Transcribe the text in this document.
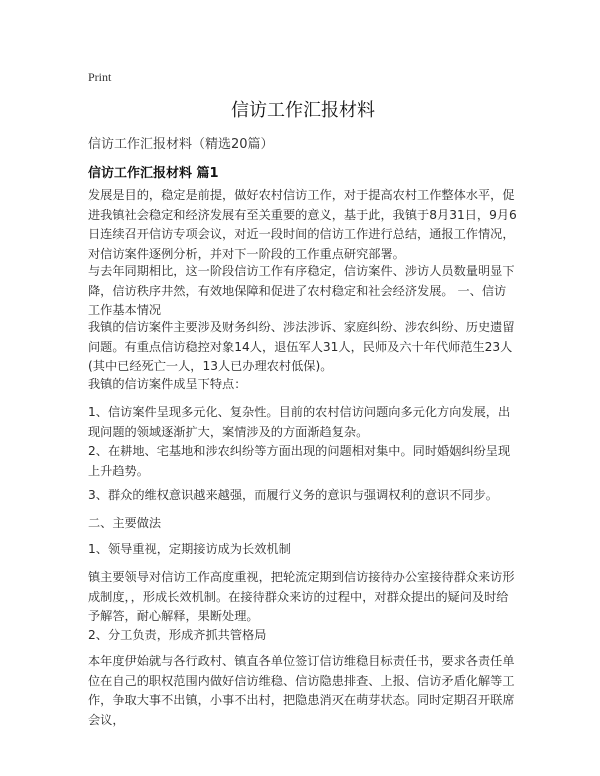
Print
信访工作汇报材料
信访工作汇报材料（精选20篇）
信访工作汇报材料 篇1
发展是目的，稳定是前提，做好农村信访工作，对于提高农村工作整体水平，促进我镇社会稳定和经济发展有至关重要的意义，基于此，我镇于8月31日，9月6日连续召开信访专项会议，对近一段时间的信访工作进行总结，通报工作情况，对信访案件逐例分析，并对下一阶段的工作重点研究部署。
与去年同期相比，这一阶段信访工作有序稳定，信访案件、涉访人员数量明显下降，信访秩序井然，有效地保障和促进了农村稳定和社会经济发展。 一、信访工作基本情况
我镇的信访案件主要涉及财务纠纷、涉法涉诉、家庭纠纷、涉农纠纷、历史遗留问题。有重点信访稳控对象14人，退伍军人31人，民师及六十年代师范生23人(其中已经死亡一人，13人已办理农村低保)。
我镇的信访案件成呈下特点：
1、信访案件呈现多元化、复杂性。目前的农村信访问题向多元化方向发展，出现问题的领域逐渐扩大，案情涉及的方面渐趋复杂。
2、在耕地、宅基地和涉农纠纷等方面出现的问题相对集中。同时婚姻纠纷呈现上升趋势。
3、群众的维权意识越来越强，而履行义务的意识与强调权利的意识不同步。
二、主要做法
1、领导重视，定期接访成为长效机制
镇主要领导对信访工作高度重视，把轮流定期到信访接待办公室接待群众来访形成制度，，形成长效机制。在接待群众来访的过程中，对群众提出的疑问及时给予解答，耐心解释，果断处理。
2、分工负责，形成齐抓共管格局
本年度伊始就与各行政村、镇直各单位签订信访维稳目标责任书，要求各责任单位在自己的职权范围内做好信访维稳、信访隐患排查、上报、信访矛盾化解等工作，争取大事不出镇，小事不出村，把隐患消灭在萌芽状态。同时定期召开联席会议，
